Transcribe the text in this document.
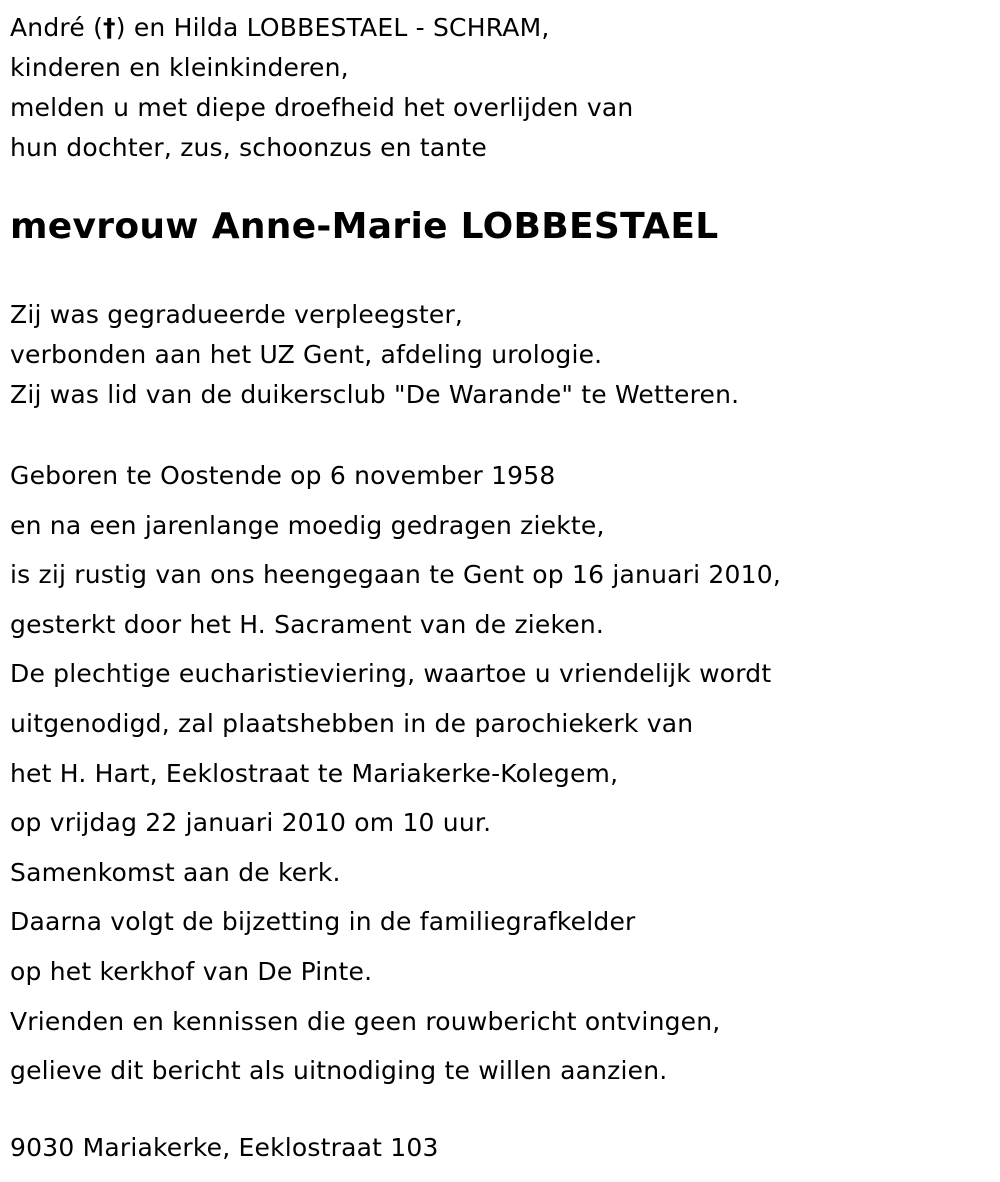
André (†) en Hilda LOBBESTAEL - SCHRAM,
kinderen en kleinkinderen,
melden u met diepe droefheid het overlijden van
hun dochter, zus, schoonzus en tante
mevrouw Anne-Marie LOBBESTAEL
Zij was gegradueerde verpleegster,
verbonden aan het UZ Gent, afdeling urologie.
Zij was lid van de duikersclub "De Warande" te Wetteren.
Geboren te Oostende op 6 november 1958
en na een jarenlange moedig gedragen ziekte,
is zij rustig van ons heengegaan te Gent op 16 januari 2010,
gesterkt door het H. Sacrament van de zieken.
De plechtige eucharistieviering, waartoe u vriendelijk wordt
uitgenodigd, zal plaatshebben in de parochiekerk van
het H. Hart, Eeklostraat te Mariakerke-Kolegem,
op vrijdag 22 januari 2010 om 10 uur.
Samenkomst aan de kerk.
Daarna volgt de bijzetting in de familiegrafkelder
op het kerkhof van De Pinte.
Vrienden en kennissen die geen rouwbericht ontvingen,
gelieve dit bericht als uitnodiging te willen aanzien.
9030 Mariakerke, Eeklostraat 103
